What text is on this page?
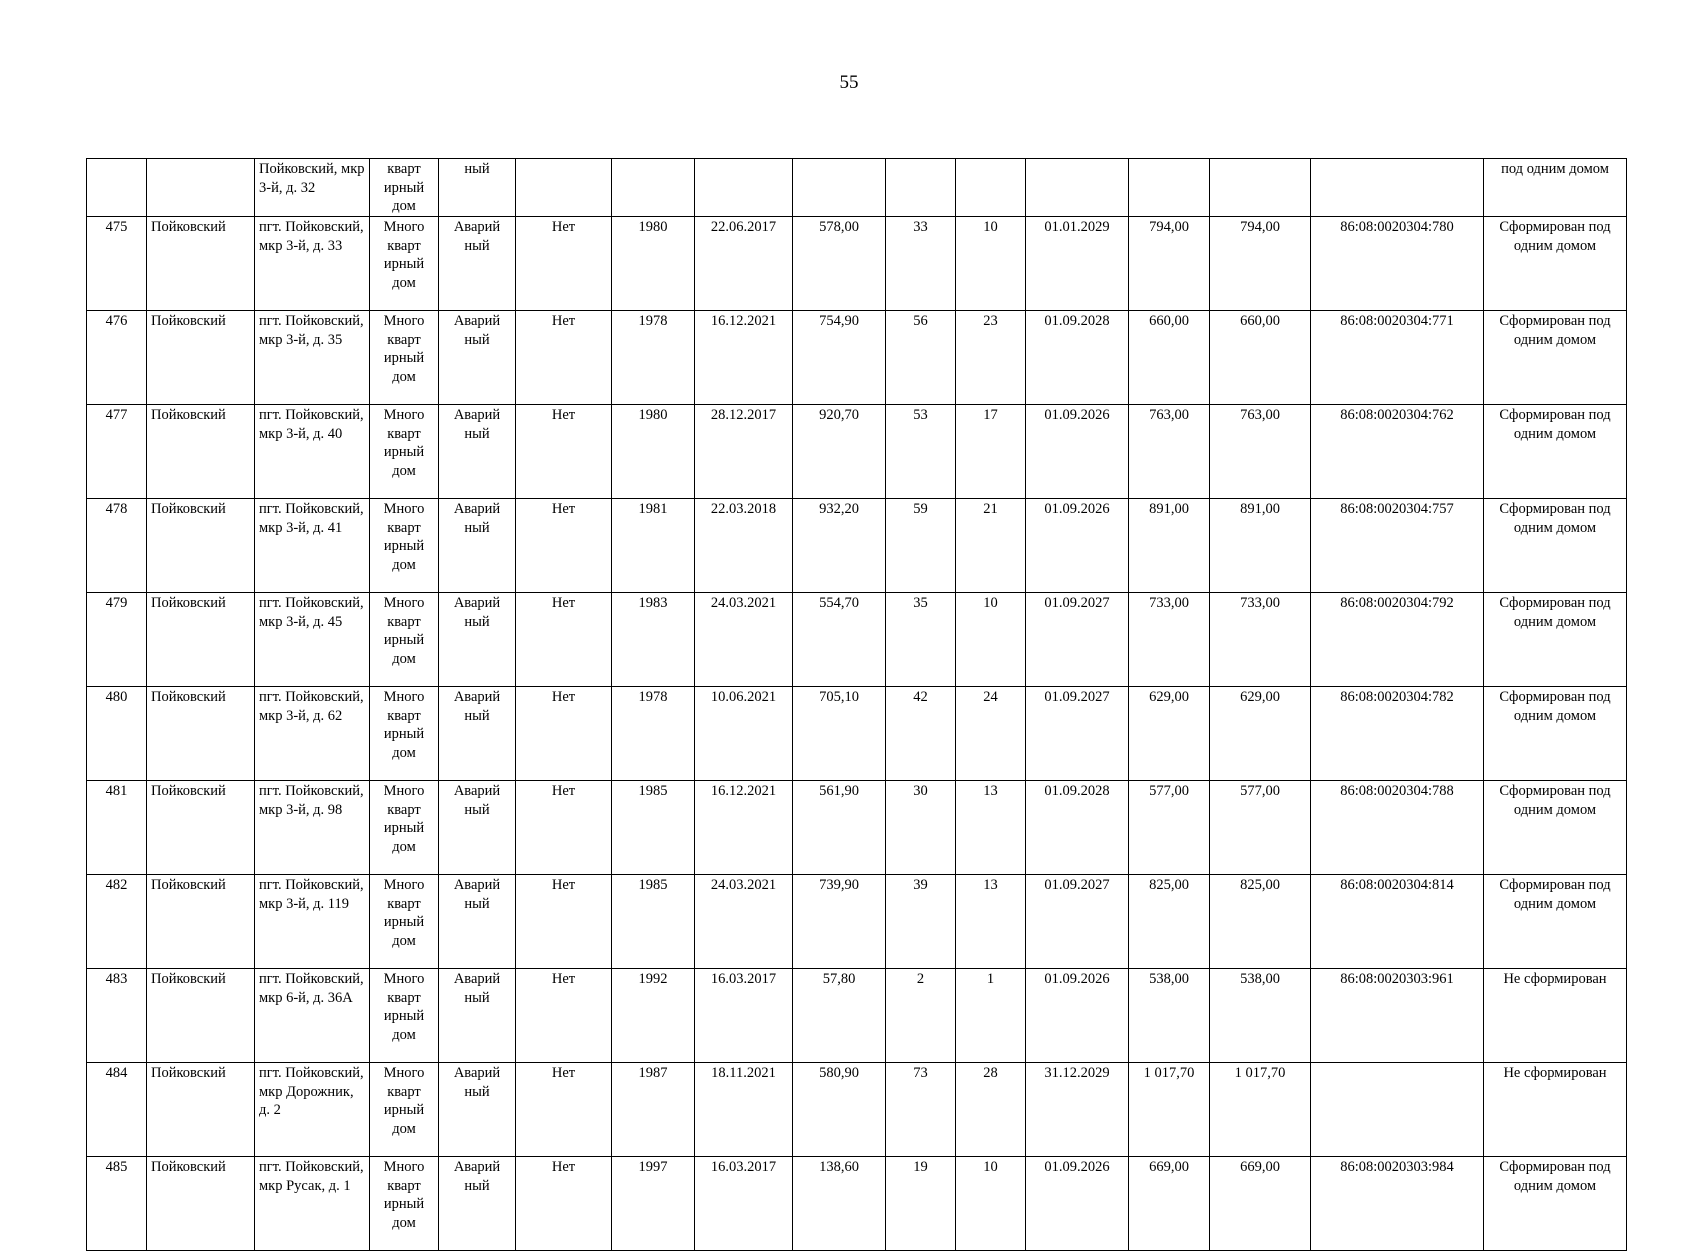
55
		Пойковский, мкр 3-й, д. 32	кварт ирный дом	ный											под одним домом
475	Пойковский	пгт. Пойковский, мкр 3-й, д. 33	Много кварт ирный дом	Аварий ный	Нет	1980	22.06.2017	578,00	33	10	01.01.2029	794,00	794,00	86:08:0020304:780	Сформирован под одним домом
476	Пойковский	пгт. Пойковский, мкр 3-й, д. 35	Много кварт ирный дом	Аварий ный	Нет	1978	16.12.2021	754,90	56	23	01.09.2028	660,00	660,00	86:08:0020304:771	Сформирован под одним домом
477	Пойковский	пгт. Пойковский, мкр 3-й, д. 40	Много кварт ирный дом	Аварий ный	Нет	1980	28.12.2017	920,70	53	17	01.09.2026	763,00	763,00	86:08:0020304:762	Сформирован под одним домом
478	Пойковский	пгт. Пойковский, мкр 3-й, д. 41	Много кварт ирный дом	Аварий ный	Нет	1981	22.03.2018	932,20	59	21	01.09.2026	891,00	891,00	86:08:0020304:757	Сформирован под одним домом
479	Пойковский	пгт. Пойковский, мкр 3-й, д. 45	Много кварт ирный дом	Аварий ный	Нет	1983	24.03.2021	554,70	35	10	01.09.2027	733,00	733,00	86:08:0020304:792	Сформирован под одним домом
480	Пойковский	пгт. Пойковский, мкр 3-й, д. 62	Много кварт ирный дом	Аварий ный	Нет	1978	10.06.2021	705,10	42	24	01.09.2027	629,00	629,00	86:08:0020304:782	Сформирован под одним домом
481	Пойковский	пгт. Пойковский, мкр 3-й, д. 98	Много кварт ирный дом	Аварий ный	Нет	1985	16.12.2021	561,90	30	13	01.09.2028	577,00	577,00	86:08:0020304:788	Сформирован под одним домом
482	Пойковский	пгт. Пойковский, мкр 3-й, д. 119	Много кварт ирный дом	Аварий ный	Нет	1985	24.03.2021	739,90	39	13	01.09.2027	825,00	825,00	86:08:0020304:814	Сформирован под одним домом
483	Пойковский	пгт. Пойковский, мкр 6-й, д. 36А	Много кварт ирный дом	Аварий ный	Нет	1992	16.03.2017	57,80	2	1	01.09.2026	538,00	538,00	86:08:0020303:961	Не сформирован
484	Пойковский	пгт. Пойковский, мкр Дорожник, д. 2	Много кварт ирный дом	Аварий ный	Нет	1987	18.11.2021	580,90	73	28	31.12.2029	1 017,70	1 017,70		Не сформирован
485	Пойковский	пгт. Пойковский, мкр Русак, д. 1	Много кварт ирный дом	Аварий ный	Нет	1997	16.03.2017	138,60	19	10	01.09.2026	669,00	669,00	86:08:0020303:984	Сформирован под одним домом
